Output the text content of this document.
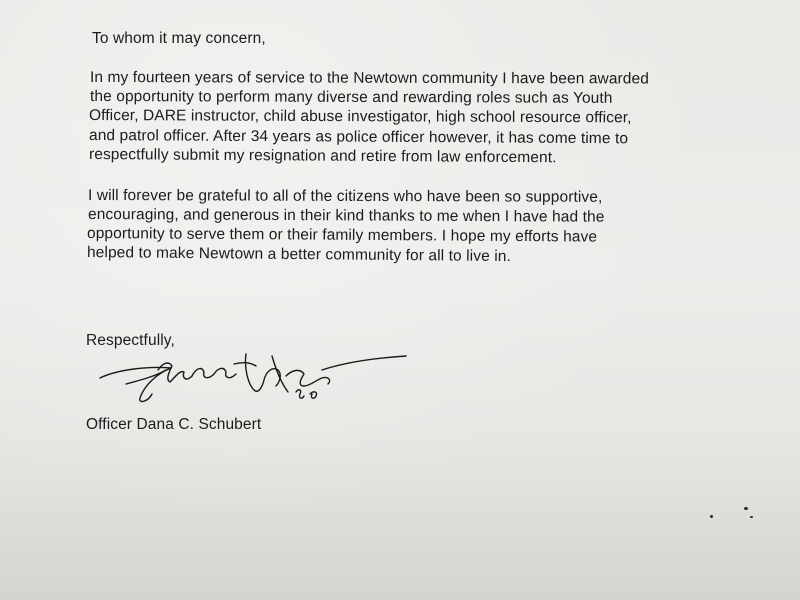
To whom it may concern,

In my fourteen years of service to the Newtown community I have been awarded

the opportunity to perform many diverse and rewarding roles such as Youth

Officer, DARE instructor, child abuse investigator, high school resource officer,

and patrol officer. After 34 years as police officer however, it has come time to

respectfully submit my resignation and retire from law enforcement.

I will forever be grateful to all of the citizens who have been so supportive,

encouraging, and generous in their kind thanks to me when I have had the

opportunity to serve them or their family members. I hope my efforts have

helped to make Newtown a better community for all to live in.

Respectfully,

Officer Dana C. Schubert
